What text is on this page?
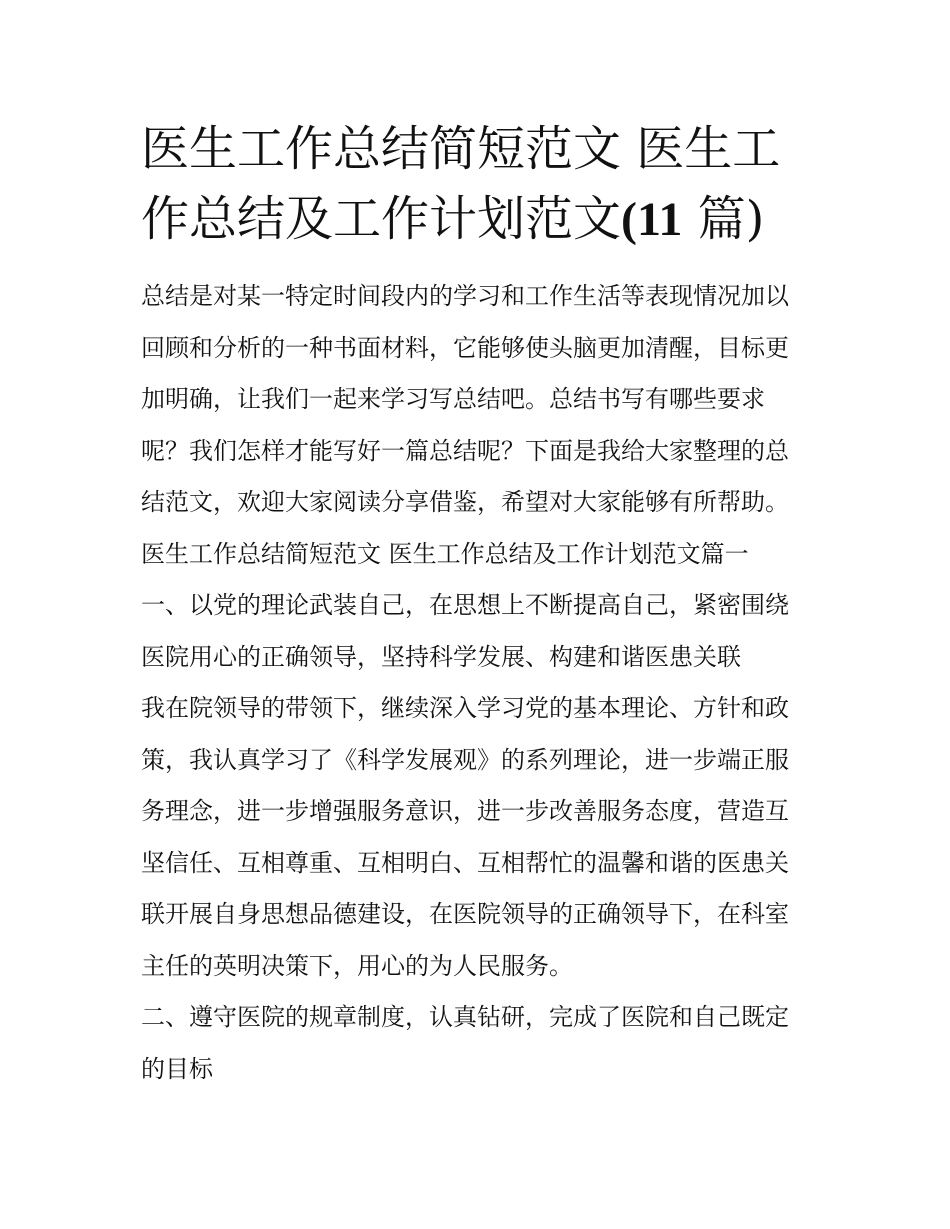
医生工作总结简短范文 医生工
作总结及工作计划范文(11 篇)
总结是对某一特定时间段内的学习和工作生活等表现情况加以
回顾和分析的一种书面材料，它能够使头脑更加清醒，目标更
加明确，让我们一起来学习写总结吧。总结书写有哪些要求
呢？我们怎样才能写好一篇总结呢？下面是我给大家整理的总
结范文，欢迎大家阅读分享借鉴，希望对大家能够有所帮助。
医生工作总结简短范文 医生工作总结及工作计划范文篇一
一、以党的理论武装自己，在思想上不断提高自己，紧密围绕
医院用心的正确领导，坚持科学发展、构建和谐医患关联
我在院领导的带领下，继续深入学习党的基本理论、方针和政
策，我认真学习了《科学发展观》的系列理论，进一步端正服
务理念，进一步增强服务意识，进一步改善服务态度，营造互
坚信任、互相尊重、互相明白、互相帮忙的温馨和谐的医患关
联开展自身思想品德建设，在医院领导的正确领导下，在科室
主任的英明决策下，用心的为人民服务。
二、遵守医院的规章制度，认真钻研，完成了医院和自己既定
的目标
